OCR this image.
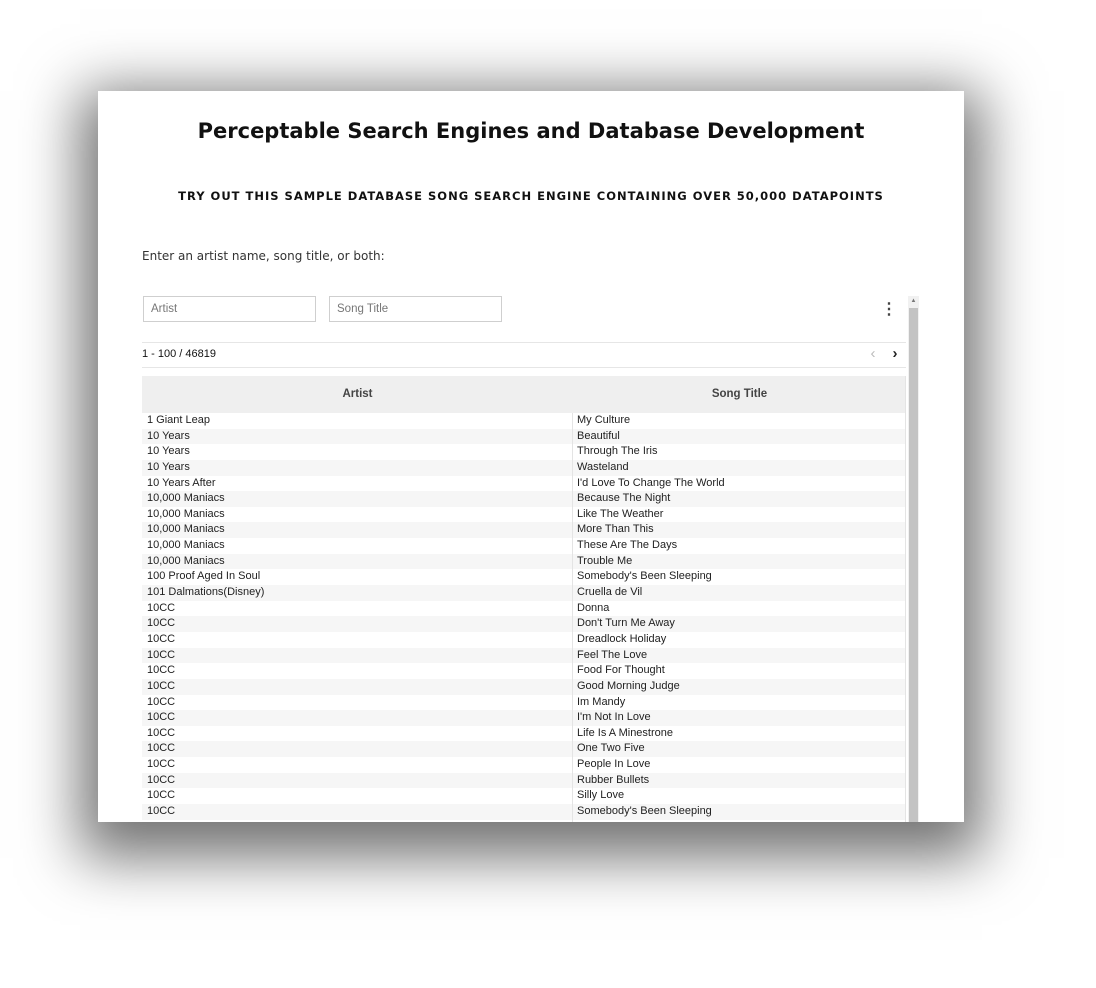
Perceptable Search Engines and Database Development
TRY OUT THIS SAMPLE DATABASE SONG SEARCH ENGINE CONTAINING OVER 50,000 DATAPOINTS
Enter an artist name, song title, or both:
Artist
Song Title
⋮
1 - 100 / 46819	‹	›
Artist	Song Title
1 Giant Leap	My Culture
10 Years	Beautiful
10 Years	Through The Iris
10 Years	Wasteland
10 Years After	I'd Love To Change The World
10,000 Maniacs	Because The Night
10,000 Maniacs	Like The Weather
10,000 Maniacs	More Than This
10,000 Maniacs	These Are The Days
10,000 Maniacs	Trouble Me
100 Proof Aged In Soul	Somebody's Been Sleeping
101 Dalmations(Disney)	Cruella de Vil
10CC	Donna
10CC	Don't Turn Me Away
10CC	Dreadlock Holiday
10CC	Feel The Love
10CC	Food For Thought
10CC	Good Morning Judge
10CC	Im Mandy
10CC	I'm Not In Love
10CC	Life Is A Minestrone
10CC	One Two Five
10CC	People In Love
10CC	Rubber Bullets
10CC	Silly Love
10CC	Somebody's Been Sleeping
▲
